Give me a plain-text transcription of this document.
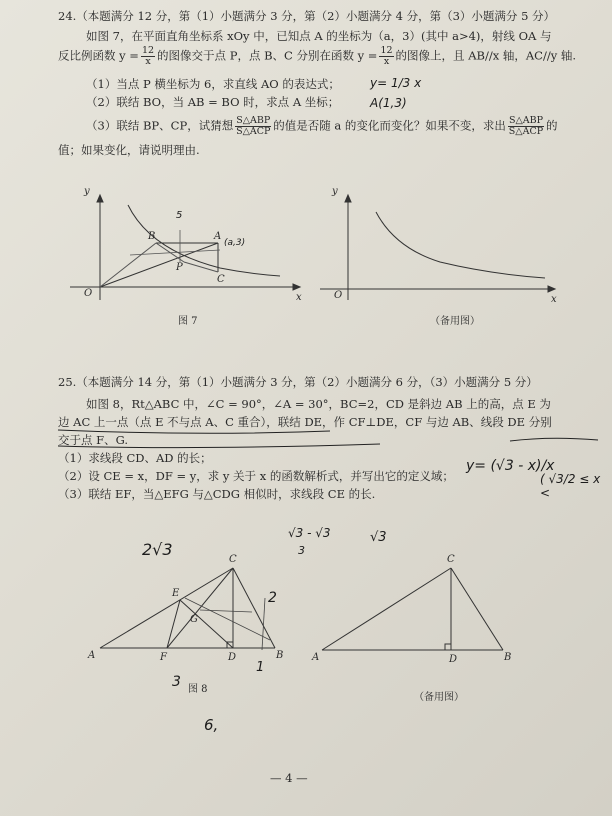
24.（本题满分 12 分，第（1）小题满分 3 分，第（2）小题满分 4 分，第（3）小题满分 5 分）
如图 7，在平面直角坐标系 xOy 中，已知点 A 的坐标为（a，3）(其中 a>4)，射线 OA 与
反比例函数 $y = \frac{12}{x}$ 的图像交于点 P，点 B、C 分别在函数 $y = \frac{12}{x}$ 的图像上，且 AB//x 轴，AC//y 轴.
（1）当点 P 横坐标为 6，求直线 AO 的表达式；
（2）联结 BO，当 AB = BO 时，求点 A 坐标；
（3）联结 BP、CP，试猜想 $\frac{\text{S△ABP}}{\text{S△ACP}}$ 的值是否随 a 的变化而变化？如果不变，求出 $\frac{\text{S△ABP}}{\text{S△ACP}}$ 的
值；如果变化，请说明理由.
y= 1/3 x
A(1,3)
y
x
O
B	A
P
C
(a,3)
5
图 7
y
x
O
（备用图）
25.（本题满分 14 分，第（1）小题满分 3 分，第（2）小题满分 6 分，（3）小题满分 5 分）
如图 8，Rt△ABC 中，∠C = 90°，∠A = 30°，BC=2，CD 是斜边 AB 上的高，点 E 为
边 AC 上一点（点 E 不与点 A、C 重合），联结 DE，作 CF⊥DE，CF 与边 AB、线段 DE 分别
交于点 F、G.
（1）求线段 CD、AD 的长；
（2）设 CE = x，DF = y，求 y 关于 x 的函数解析式，并写出它的定义域；
（3）联结 EF，当△EFG 与△CDG 相似时，求线段 CE 的长.
y= (√3 - x)/x
( √3/2 ≤ x <
√3 - √3
3
√3
2√3
2
1
3
6,
A	B
C
D
E
F
G
图 8
A	B
C
D
（备用图）
— 4 —
